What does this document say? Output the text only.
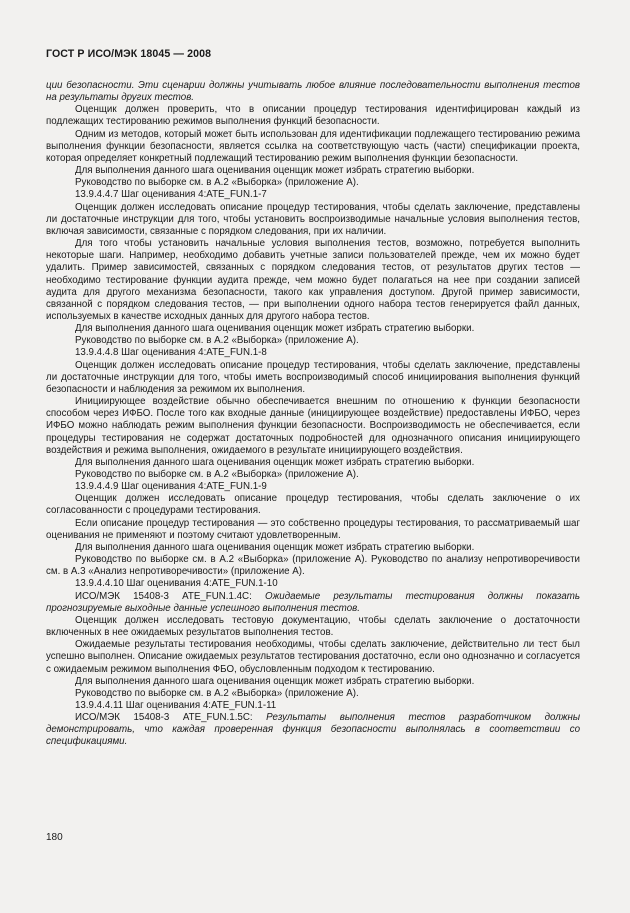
ГОСТ Р ИСО/МЭК 18045 — 2008

ции безопасности. Эти сценарии должны учитывать любое влияние последовательности выполнения тестов на результаты других тестов.

Оценщик должен проверить, что в описании процедур тестирования идентифицирован каждый из подлежащих тестированию режимов выполнения функций безопасности.

Одним из методов, который может быть использован для идентификации подлежащего тестированию режима выполнения функции безопасности, является ссылка на соответствующую часть (части) спецификации проекта, которая определяет конкретный подлежащий тестированию режим выполнения функции безопасности.

Для выполнения данного шага оценивания оценщик может избрать стратегию выборки.

Руководство по выборке см. в А.2 «Выборка» (приложение А).

13.9.4.4.7 Шаг оценивания 4:ATE_FUN.1-7

Оценщик должен исследовать описание процедур тестирования, чтобы сделать заключение, представлены ли достаточные инструкции для того, чтобы установить воспроизводимые начальные условия выполнения тестов, включая зависимости, связанные с порядком следования, при их наличии.

Для того чтобы установить начальные условия выполнения тестов, возможно, потребуется выполнить некоторые шаги. Например, необходимо добавить учетные записи пользователей прежде, чем их можно будет удалить. Пример зависимостей, связанных с порядком следования тестов, от результатов других тестов — необходимо тестирование функции аудита прежде, чем можно будет полагаться на нее при создании записей аудита для другого механизма безопасности, такого как управления доступом. Другой пример зависимости, связанной с порядком следования тестов, — при выполнении одного набора тестов генерируется файл данных, используемых в качестве исходных данных для другого набора тестов.

Для выполнения данного шага оценивания оценщик может избрать стратегию выборки.

Руководство по выборке см. в А.2 «Выборка» (приложение А).

13.9.4.4.8 Шаг оценивания 4:ATE_FUN.1-8

Оценщик должен исследовать описание процедур тестирования, чтобы сделать заключение, представлены ли достаточные инструкции для того, чтобы иметь воспроизводимый способ инициирования выполнения функций безопасности и наблюдения за режимом их выполнения.

Инициирующее воздействие обычно обеспечивается внешним по отношению к функции безопасности способом через ИФБО. После того как входные данные (инициирующее воздействие) предоставлены ИФБО, через ИФБО можно наблюдать режим выполнения функции безопасности. Воспроизводимость не обеспечивается, если процедуры тестирования не содержат достаточных подробностей для однозначного описания инициирующего воздействия и режима выполнения, ожидаемого в результате инициирующего воздействия.

Для выполнения данного шага оценивания оценщик может избрать стратегию выборки.

Руководство по выборке см. в А.2 «Выборка» (приложение А).

13.9.4.4.9 Шаг оценивания 4:ATE_FUN.1-9

Оценщик должен исследовать описание процедур тестирования, чтобы сделать заключение о их согласованности с процедурами тестирования.

Если описание процедур тестирования — это собственно процедуры тестирования, то рассматриваемый шаг оценивания не применяют и поэтому считают удовлетворенным.

Для выполнения данного шага оценивания оценщик может избрать стратегию выборки.

Руководство по выборке см. в А.2 «Выборка» (приложение А). Руководство по анализу непротиворечивости см. в А.3 «Анализ непротиворечивости» (приложение А).

13.9.4.4.10 Шаг оценивания 4:ATE_FUN.1-10

ИСО/МЭК 15408-3 ATE_FUN.1.4C: Ожидаемые результаты тестирования должны показать прогнозируемые выходные данные успешного выполнения тестов.

Оценщик должен исследовать тестовую документацию, чтобы сделать заключение о достаточности включенных в нее ожидаемых результатов выполнения тестов.

Ожидаемые результаты тестирования необходимы, чтобы сделать заключение, действительно ли тест был успешно выполнен. Описание ожидаемых результатов тестирования достаточно, если оно однозначно и согласуется с ожидаемым режимом выполнения ФБО, обусловленным подходом к тестированию.

Для выполнения данного шага оценивания оценщик может избрать стратегию выборки.

Руководство по выборке см. в А.2 «Выборка» (приложение А).

13.9.4.4.11 Шаг оценивания 4:ATE_FUN.1-11

ИСО/МЭК 15408-3 ATE_FUN.1.5C: Результаты выполнения тестов разработчиком должны демонстрировать, что каждая проверенная функция безопасности выполнялась в соответствии со спецификациями.

180
